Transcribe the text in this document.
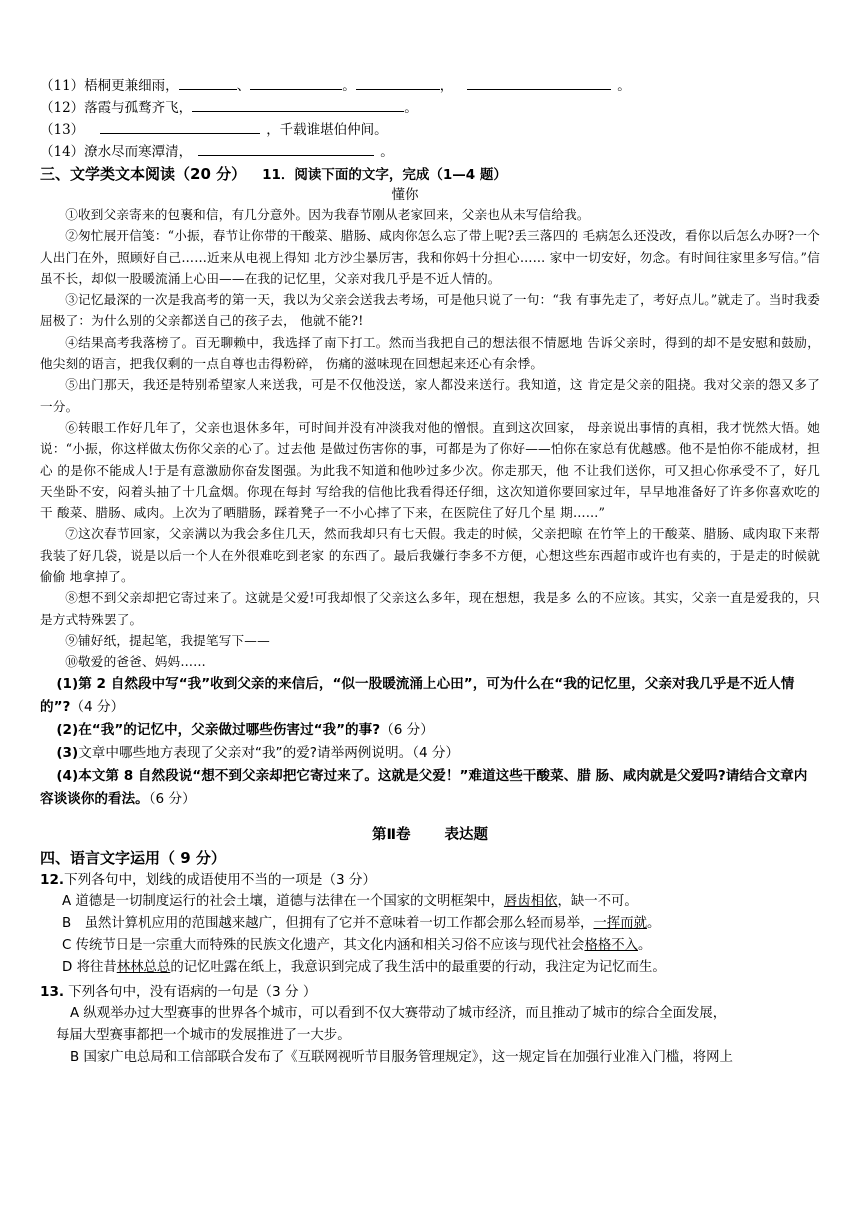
（11）梧桐更兼细雨，	、	。	，	。
（12）落霞与孤鹜齐飞，	。
（13）	，千载谁堪伯仲间。
（14）潦水尽而寒潭清，	。
三、文学类文本阅读（20 分） 11．阅读下面的文字，完成（1—4 题）
懂你
①收到父亲寄来的包裹和信，有几分意外。因为我春节刚从老家回来，父亲也从未写信给我。
②匆忙展开信笺：“小振，春节让你带的干酸菜、腊肠、咸肉你怎么忘了带上呢?丢三落四的 毛病怎么还没改，看你以后怎么办呀?一个人出门在外，照顾好自己……近来从电视上得知 北方沙尘暴厉害，我和你妈十分担心…… 家中一切安好，勿念。有时间往家里多写信。”信 虽不长，却似一股暖流涌上心田——在我的记忆里，父亲对我几乎是不近人情的。
③记忆最深的一次是我高考的第一天，我以为父亲会送我去考场，可是他只说了一句：“我 有事先走了，考好点儿。”就走了。当时我委屈极了：为什么别的父亲都送自己的孩子去， 他就不能?!
④结果高考我落榜了。百无聊赖中，我选择了南下打工。然而当我把自己的想法很不情愿地 告诉父亲时，得到的却不是安慰和鼓励，他尖刻的语言，把我仅剩的一点自尊也击得粉碎， 伤痛的滋味现在回想起来还心有余悸。
⑤出门那天，我还是特别希望家人来送我，可是不仅他没送，家人都没来送行。我知道，这 肯定是父亲的阻挠。我对父亲的怨又多了一分。
⑥转眼工作好几年了，父亲也退休多年，可时间并没有冲淡我对他的憎恨。直到这次回家， 母亲说出事情的真相，我才恍然大悟。她说：“小振，你这样做太伤你父亲的心了。过去他 是做过伤害你的事，可都是为了你好——怕你在家总有优越感。他不是怕你不能成材，担心 的是你不能成人!于是有意激励你奋发图强。为此我不知道和他吵过多少次。你走那天，他 不让我们送你，可又担心你承受不了，好几天坐卧不安，闷着头抽了十几盒烟。你现在每封 写给我的信他比我看得还仔细，这次知道你要回家过年，早早地准备好了许多你喜欢吃的干 酸菜、腊肠、咸肉。上次为了晒腊肠，踩着凳子一不小心摔了下来，在医院住了好几个星 期……”
⑦这次春节回家，父亲满以为我会多住几天，然而我却只有七天假。我走的时候，父亲把晾 在竹竿上的干酸菜、腊肠、咸肉取下来帮我装了好几袋，说是以后一个人在外很难吃到老家 的东西了。最后我嫌行李多不方便，心想这些东西超市或许也有卖的，于是走的时候就偷偷 地拿掉了。
⑧想不到父亲却把它寄过来了。这就是父爱!可我却恨了父亲这么多年，现在想想，我是多 么的不应该。其实，父亲一直是爱我的，只是方式特殊罢了。
⑨铺好纸，提起笔，我提笔写下——
⑩敬爱的爸爸、妈妈……
(1)第 2 自然段中写“我”收到父亲的来信后，“似一股暖流涌上心田”，可为什么在“我的记忆里，父亲对我几乎是不近人情的”?（4 分）
(2)在“我”的记忆中，父亲做过哪些伤害过“我”的事?（6 分）
(3)文章中哪些地方表现了父亲对“我”的爱?请举两例说明。（4 分）
(4)本文第 8 自然段说“想不到父亲却把它寄过来了。这就是父爱！”难道这些干酸菜、腊 肠、咸肉就是父爱吗?请结合文章内容谈谈你的看法。（6 分）
第Ⅱ卷 表达题
四、语言文字运用（ 9 分）
12.下列各句中，划线的成语使用不当的一项是（3 分）
A 道德是一切制度运行的社会土壤，道德与法律在一个国家的文明框架中，唇齿相依，缺一不可。
B　虽然计算机应用的范围越来越广，但拥有了它并不意味着一切工作都会那么轻而易举，一挥而就。
C 传统节日是一宗重大而特殊的民族文化遗产，其文化内涵和相关习俗不应该与现代社会格格不入。
D 将往昔林林总总的记忆吐露在纸上，我意识到完成了我生活中的最重要的行动，我注定为记忆而生。
13. 下列各句中，没有语病的一句是（3 分 ）
A 纵观举办过大型赛事的世界各个城市，可以看到不仅大赛带动了城市经济，而且推动了城市的综合全面发展，
每届大型赛事都把一个城市的发展推进了一大步。
B 国家广电总局和工信部联合发布了《互联网视听节目服务管理规定》，这一规定旨在加强行业准入门槛，将网上
